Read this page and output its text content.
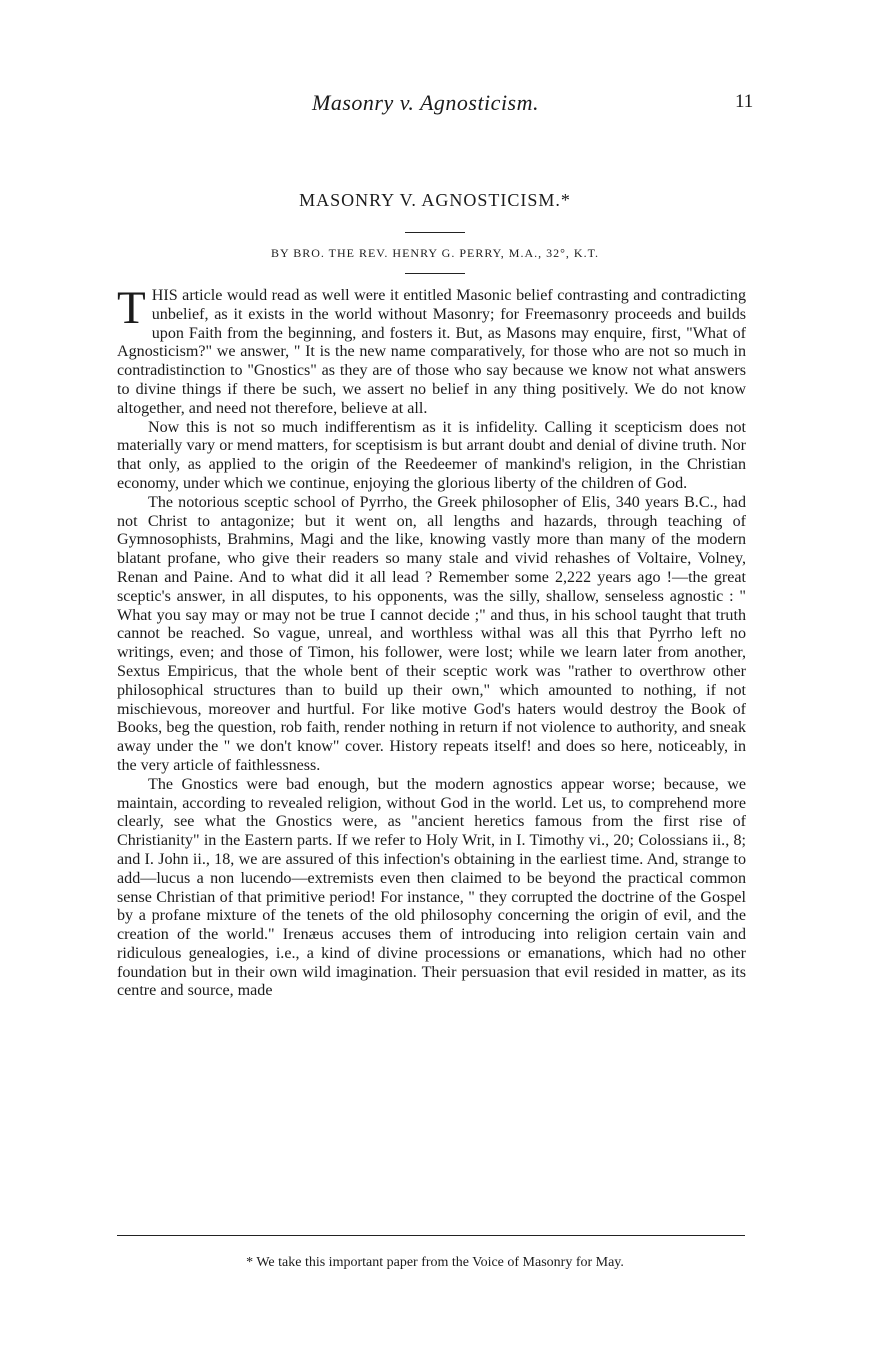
Masonry v. Agnosticism.	11
MASONRY V. AGNOSTICISM.*
BY BRO. THE REV. HENRY G. PERRY, M.A., 32°, K.T.

THIS article would read as well were it entitled Masonic belief contrasting and contradicting unbelief, as it exists in the world without Masonry; for Freemasonry proceeds and builds upon Faith from the beginning, and fosters it. But, as Masons may enquire, first, "What of Agnosticism?" we answer, " It is the new name comparatively, for those who are not so much in contradistinction to "Gnostics" as they are of those who say because we know not what answers to divine things if there be such, we assert no belief in any thing positively. We do not know altogether, and need not therefore, believe at all.

Now this is not so much indifferentism as it is infidelity. Calling it scepticism does not materially vary or mend matters, for sceptisism is but arrant doubt and denial of divine truth. Nor that only, as applied to the origin of the Reedeemer of mankind's religion, in the Christian economy, under which we continue, enjoying the glorious liberty of the children of God.

The notorious sceptic school of Pyrrho, the Greek philosopher of Elis, 340 years B.C., had not Christ to antagonize; but it went on, all lengths and hazards, through teaching of Gymnosophists, Brahmins, Magi and the like, knowing vastly more than many of the modern blatant profane, who give their readers so many stale and vivid rehashes of Voltaire, Volney, Renan and Paine. And to what did it all lead ? Remember some 2,222 years ago !—the great sceptic's answer, in all disputes, to his opponents, was the silly, shallow, senseless agnostic : " What you say may or may not be true I cannot decide ;" and thus, in his school taught that truth cannot be reached. So vague, unreal, and worthless withal was all this that Pyrrho left no writings, even; and those of Timon, his follower, were lost; while we learn later from another, Sextus Empiricus, that the whole bent of their sceptic work was "rather to overthrow other philosophical structures than to build up their own," which amounted to nothing, if not mischievous, moreover and hurtful. For like motive God's haters would destroy the Book of Books, beg the question, rob faith, render nothing in return if not violence to authority, and sneak away under the " we don't know" cover. History repeats itself! and does so here, noticeably, in the very article of faithlessness.

The Gnostics were bad enough, but the modern agnostics appear worse; because, we maintain, according to revealed religion, without God in the world. Let us, to comprehend more clearly, see what the Gnostics were, as "ancient heretics famous from the first rise of Christianity" in the Eastern parts. If we refer to Holy Writ, in I. Timothy vi., 20; Colossians ii., 8; and I. John ii., 18, we are assured of this infection's obtaining in the earliest time. And, strange to add—lucus a non lucendo—extremists even then claimed to be beyond the practical common sense Christian of that primitive period! For instance, " they corrupted the doctrine of the Gospel by a profane mixture of the tenets of the old philosophy concerning the origin of evil, and the creation of the world." Irenæus accuses them of introducing into religion certain vain and ridiculous genealogies, i.e., a kind of divine processions or emanations, which had no other foundation but in their own wild imagination. Their persuasion that evil resided in matter, as its centre and source, made

* We take this important paper from the Voice of Masonry for May.
